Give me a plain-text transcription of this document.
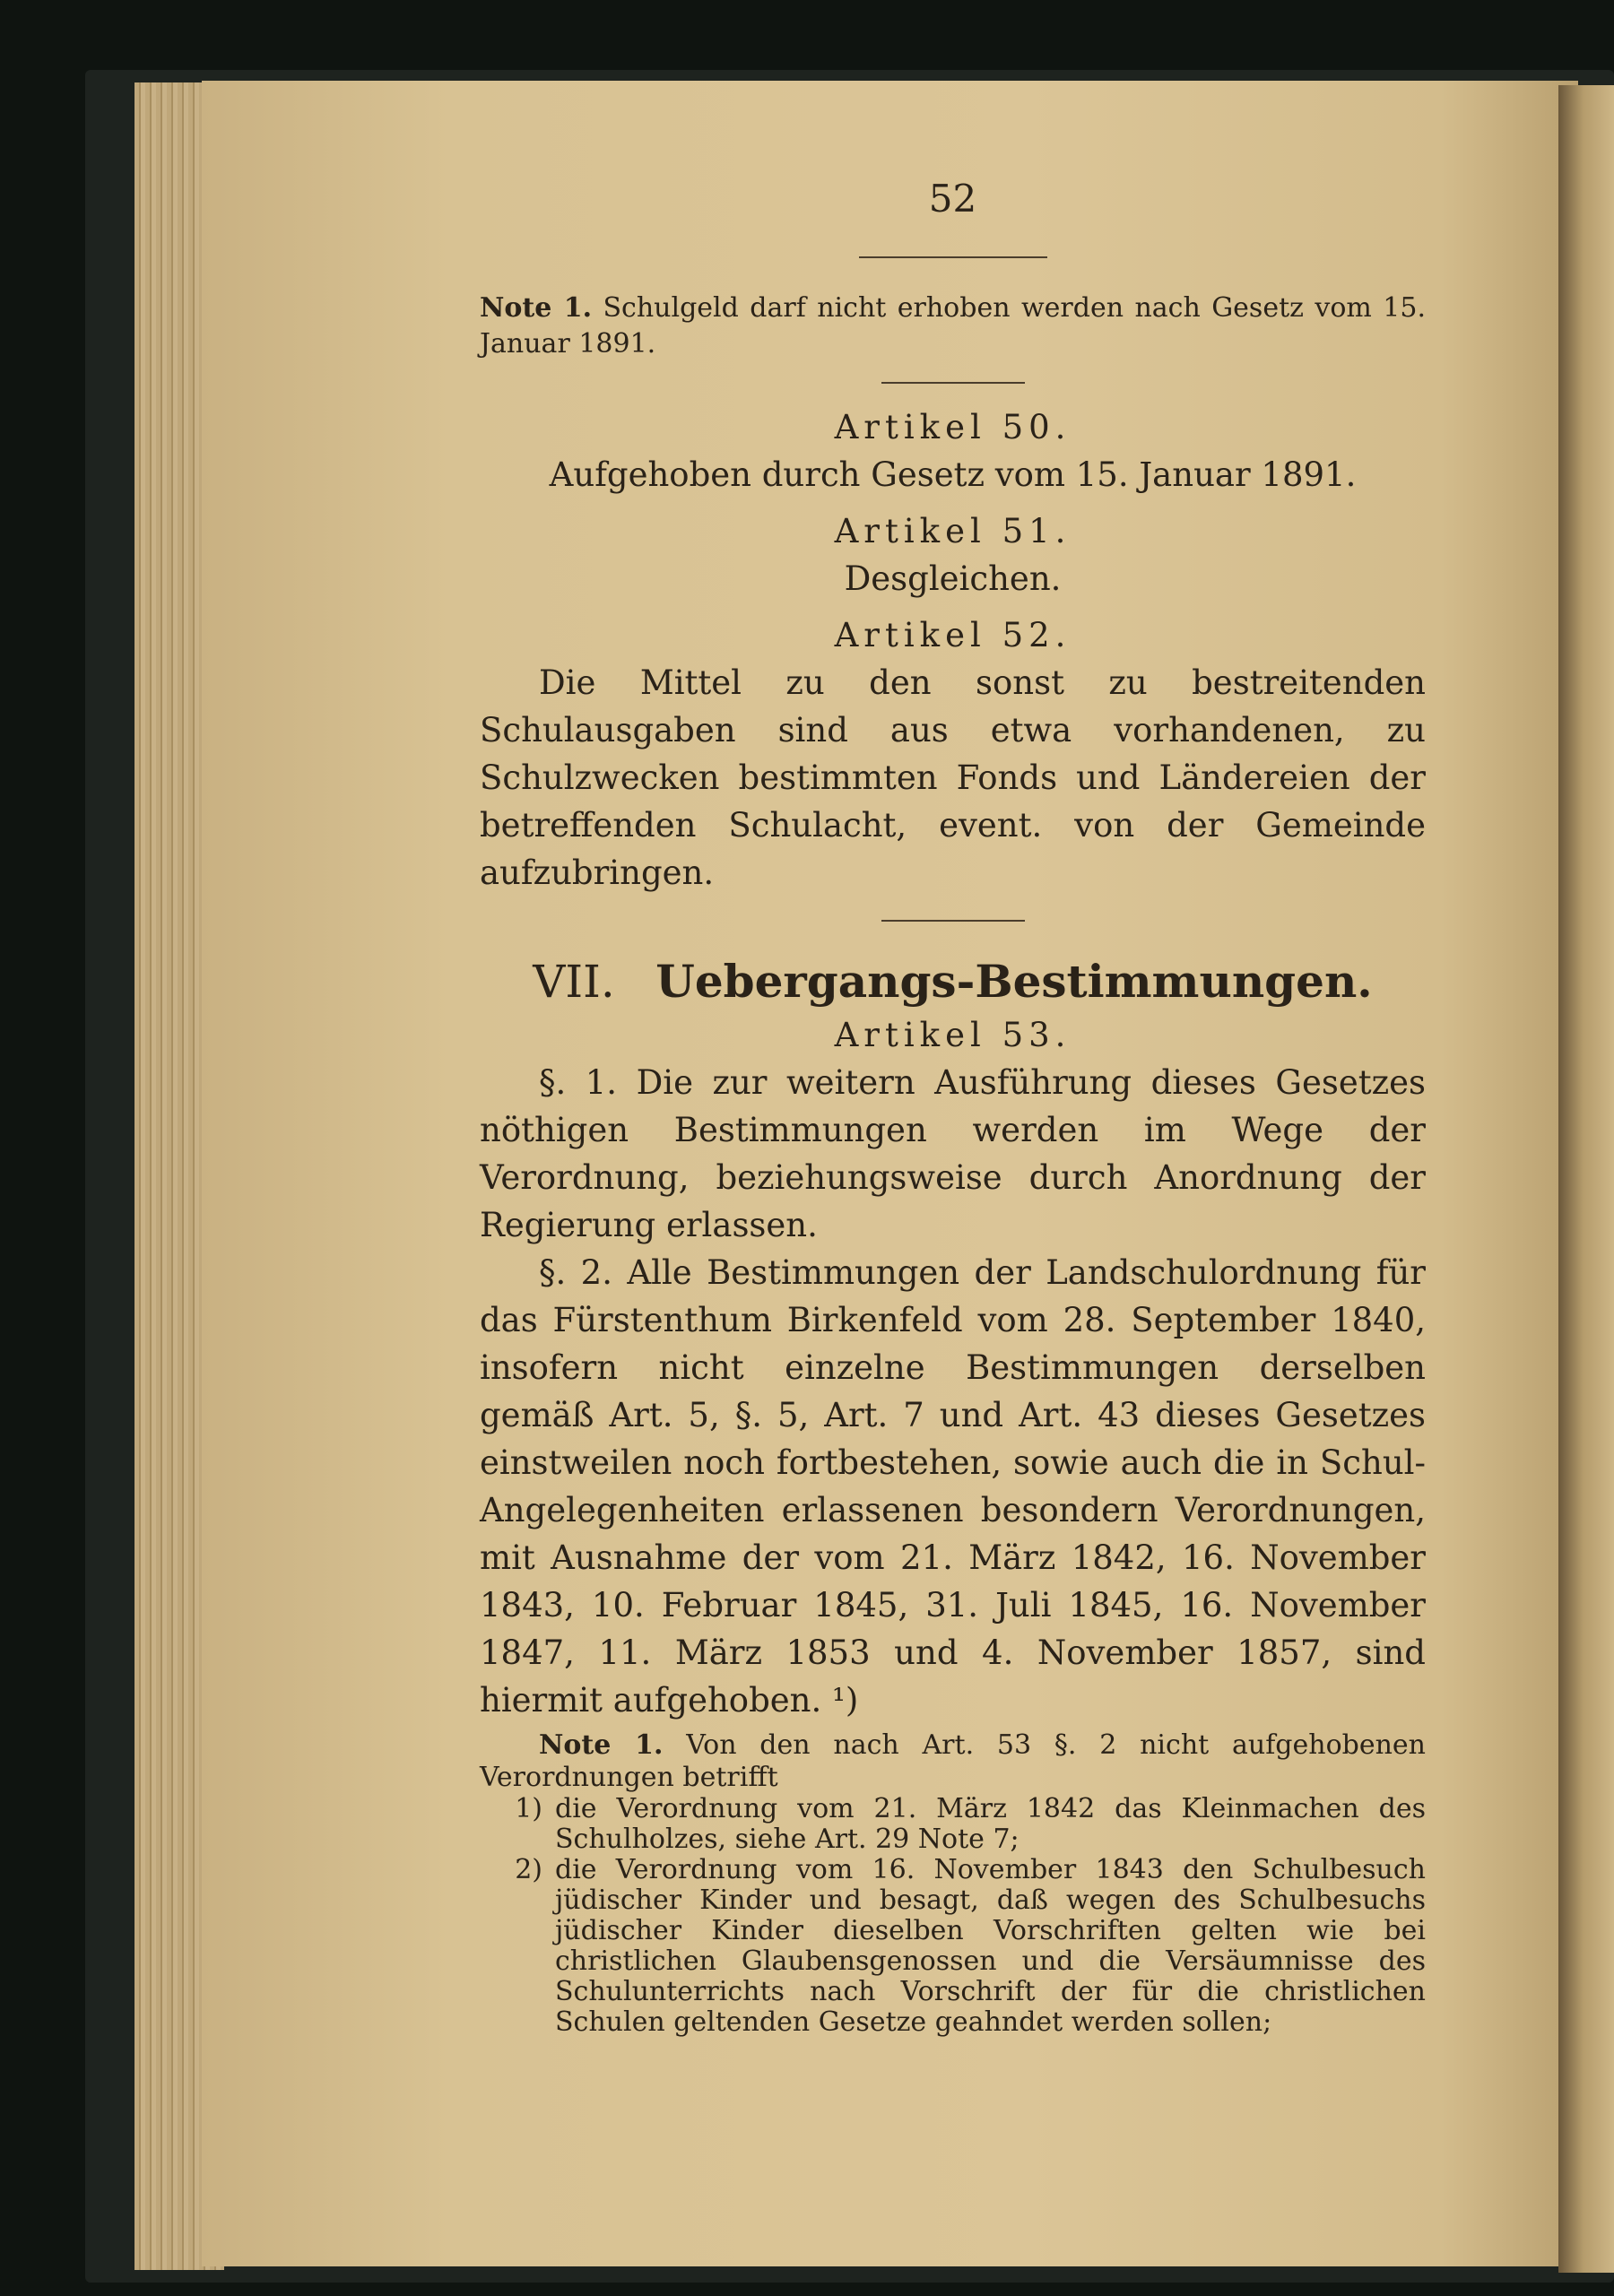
52
Note 1. Schulgeld darf nicht erhoben werden nach Gesetz vom 15. Januar 1891.
Artikel 50.
Aufgehoben durch Gesetz vom 15. Januar 1891.
Artikel 51.
Desgleichen.
Artikel 52.
Die Mittel zu den sonst zu bestreitenden Schulausgaben sind aus etwa vorhandenen, zu Schulzwecken bestimmten Fonds und Ländereien der betreffenden Schulacht, event. von der Gemeinde aufzubringen.
VII. Uebergangs-Bestimmungen.
Artikel 53.
§. 1. Die zur weitern Ausführung dieses Gesetzes nöthigen Bestimmungen werden im Wege der Verordnung, beziehungsweise durch Anordnung der Regierung erlassen.
§. 2. Alle Bestimmungen der Landschulordnung für das Fürstenthum Birkenfeld vom 28. September 1840, insofern nicht einzelne Bestimmungen derselben gemäß Art. 5, §. 5, Art. 7 und Art. 43 dieses Gesetzes einstweilen noch fortbestehen, sowie auch die in Schul-Angelegenheiten erlassenen besondern Verordnungen, mit Ausnahme der vom 21. März 1842, 16. November 1843, 10. Februar 1845, 31. Juli 1845, 16. November 1847, 11. März 1853 und 4. November 1857, sind hiermit aufgehoben. ¹)
Note 1. Von den nach Art. 53 §. 2 nicht aufgehobenen Verordnungen betrifft
1) die Verordnung vom 21. März 1842 das Kleinmachen des Schulholzes, siehe Art. 29 Note 7;
2) die Verordnung vom 16. November 1843 den Schulbesuch jüdischer Kinder und besagt, daß wegen des Schulbesuchs jüdischer Kinder dieselben Vorschriften gelten wie bei christlichen Glaubensgenossen und die Versäumnisse des Schulunterrichts nach Vorschrift der für die christlichen Schulen geltenden Gesetze geahndet werden sollen;
